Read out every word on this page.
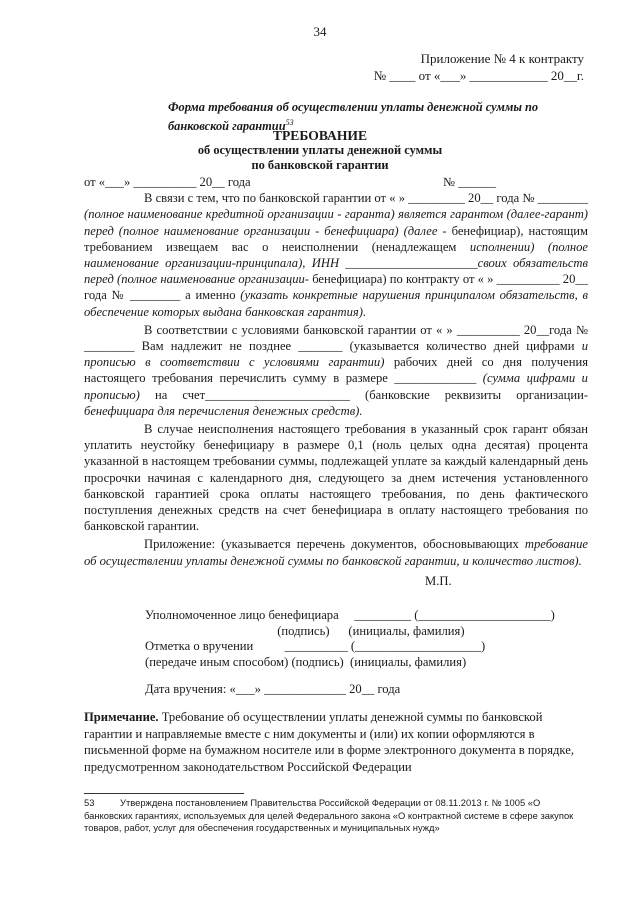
34
Приложение № 4 к контракту
№ ____ от «___» ____________ 20__г.
Форма требования об осуществлении уплаты денежной суммы по
банковской гарантии$^{53}$
ТРЕБОВАНИЕ
об осуществлении уплаты денежной суммы
по банковской гарантии
от «___» __________ 20__ года	№ ______

В связи с тем, что по банковской гарантии от « » _________ 20__ года № ________ (полное наименование кредитной организации - гаранта) является гарантом (далее-гарант) перед (полное наименование организации - бенефициара) (далее - бенефициар), настоящим требованием извещаем вас о неисполнении (ненадлежащем исполнении) (полное наименование организации-принципала), ИНН _____________________своих обязательств перед (полное наименование организации- бенефициара) по контракту от « » __________ 20__ года № ________ а именно (указать конкретные нарушения принципалом обязательств, в обеспечение которых выдана банковская гарантия).

В соответствии с условиями банковской гарантии от « » __________ 20__года № ________ Вам надлежит не позднее _______ (указывается количество дней цифрами и прописью в соответствии с условиями гарантии) рабочих дней со дня получения настоящего требования перечислить сумму в размере _____________ (сумма цифрами и прописью) на счет_______________________ (банковские реквизиты организации- бенефициара для перечисления денежных средств).

В случае неисполнения настоящего требования в указанный срок гарант обязан уплатить неустойку бенефициару в размере 0,1 (ноль целых одна десятая) процента указанной в настоящем требовании суммы, подлежащей уплате за каждый календарный день просрочки начиная с календарного дня, следующего за днем истечения установленного банковской гарантией срока оплаты настоящего требования, по день фактического поступления денежных средств на счет бенефициара в оплату настоящего требования по банковской гарантии.

Приложение: (указывается перечень документов, обосновывающих требование об осуществлении уплаты денежной суммы по банковской гарантии, и количество листов).

М.П.
Уполномоченное лицо бенефициара     _________ (_____________________)
(подпись)      (инициалы, фамилия)
Отметка о вручении          __________ (____________________)
(передаче иным способом) (подпись)  (инициалы, фамилия)
Дата вручения: «___» _____________ 20__ года
Примечание. Требование об осуществлении уплаты денежной суммы по банковской гарантии и направляемые вместе с ним документы и (или) их копии оформляются в письменной форме на бумажном носителе или в форме электронного документа в порядке, предусмотренном законодательством Российской Федерации
53	Утверждена постановлением Правительства Российской Федерации от 08.11.2013 г. № 1005 «О банковских гарантиях, используемых для целей Федерального закона «О контрактной системе в сфере закупок товаров, работ, услуг для обеспечения государственных и муниципальных нужд»
